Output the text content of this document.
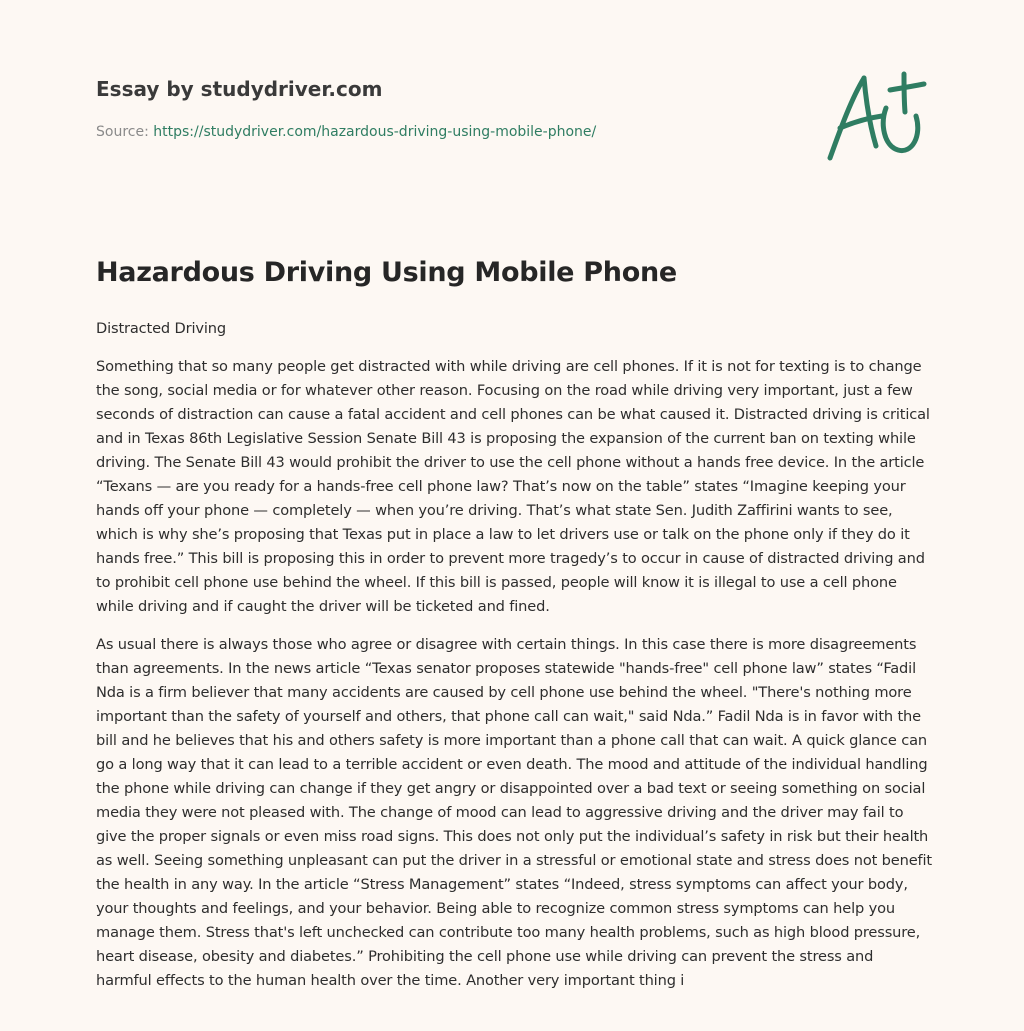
Essay by studydriver.com
Source: https://studydriver.com/hazardous-driving-using-mobile-phone/
Hazardous Driving Using Mobile Phone

Distracted Driving

Something that so many people get distracted with while driving are cell phones. If it is not for texting is to change the song, social media or for whatever other reason. Focusing on the road while driving very important, just a few seconds of distraction can cause a fatal accident and cell phones can be what caused it. Distracted driving is critical and in Texas 86th Legislative Session Senate Bill 43 is proposing the expansion of the current ban on texting while driving. The Senate Bill 43 would prohibit the driver to use the cell phone without a hands free device. In the article “Texans — are you ready for a hands-free cell phone law? That’s now on the table” states “Imagine keeping your hands off your phone — completely — when you’re driving. That’s what state Sen. Judith Zaffirini wants to see, which is why she’s proposing that Texas put in place a law to let drivers use or talk on the phone only if they do it hands free.” This bill is proposing this in order to prevent more tragedy’s to occur in cause of distracted driving and to prohibit cell phone use behind the wheel. If this bill is passed, people will know it is illegal to use a cell phone while driving and if caught the driver will be ticketed and fined.

As usual there is always those who agree or disagree with certain things. In this case there is more disagreements than agreements. In the news article “Texas senator proposes statewide "hands-free" cell phone law” states “Fadil Nda is a firm believer that many accidents are caused by cell phone use behind the wheel. "There's nothing more important than the safety of yourself and others, that phone call can wait," said Nda.” Fadil Nda is in favor with the bill and he believes that his and others safety is more important than a phone call that can wait. A quick glance can go a long way that it can lead to a terrible accident or even death. The mood and attitude of the individual handling the phone while driving can change if they get angry or disappointed over a bad text or seeing something on social media they were not pleased with. The change of mood can lead to aggressive driving and the driver may fail to give the proper signals or even miss road signs. This does not only put the individual’s safety in risk but their health as well. Seeing something unpleasant can put the driver in a stressful or emotional state and stress does not benefit the health in any way. In the article “Stress Management” states “Indeed, stress symptoms can affect your body, your thoughts and feelings, and your behavior. Being able to recognize common stress symptoms can help you manage them. Stress that's left unchecked can contribute too many health problems, such as high blood pressure, heart disease, obesity and diabetes.” Prohibiting the cell phone use while driving can prevent the stress and harmful effects to the human health over the time. Another very important thing i
